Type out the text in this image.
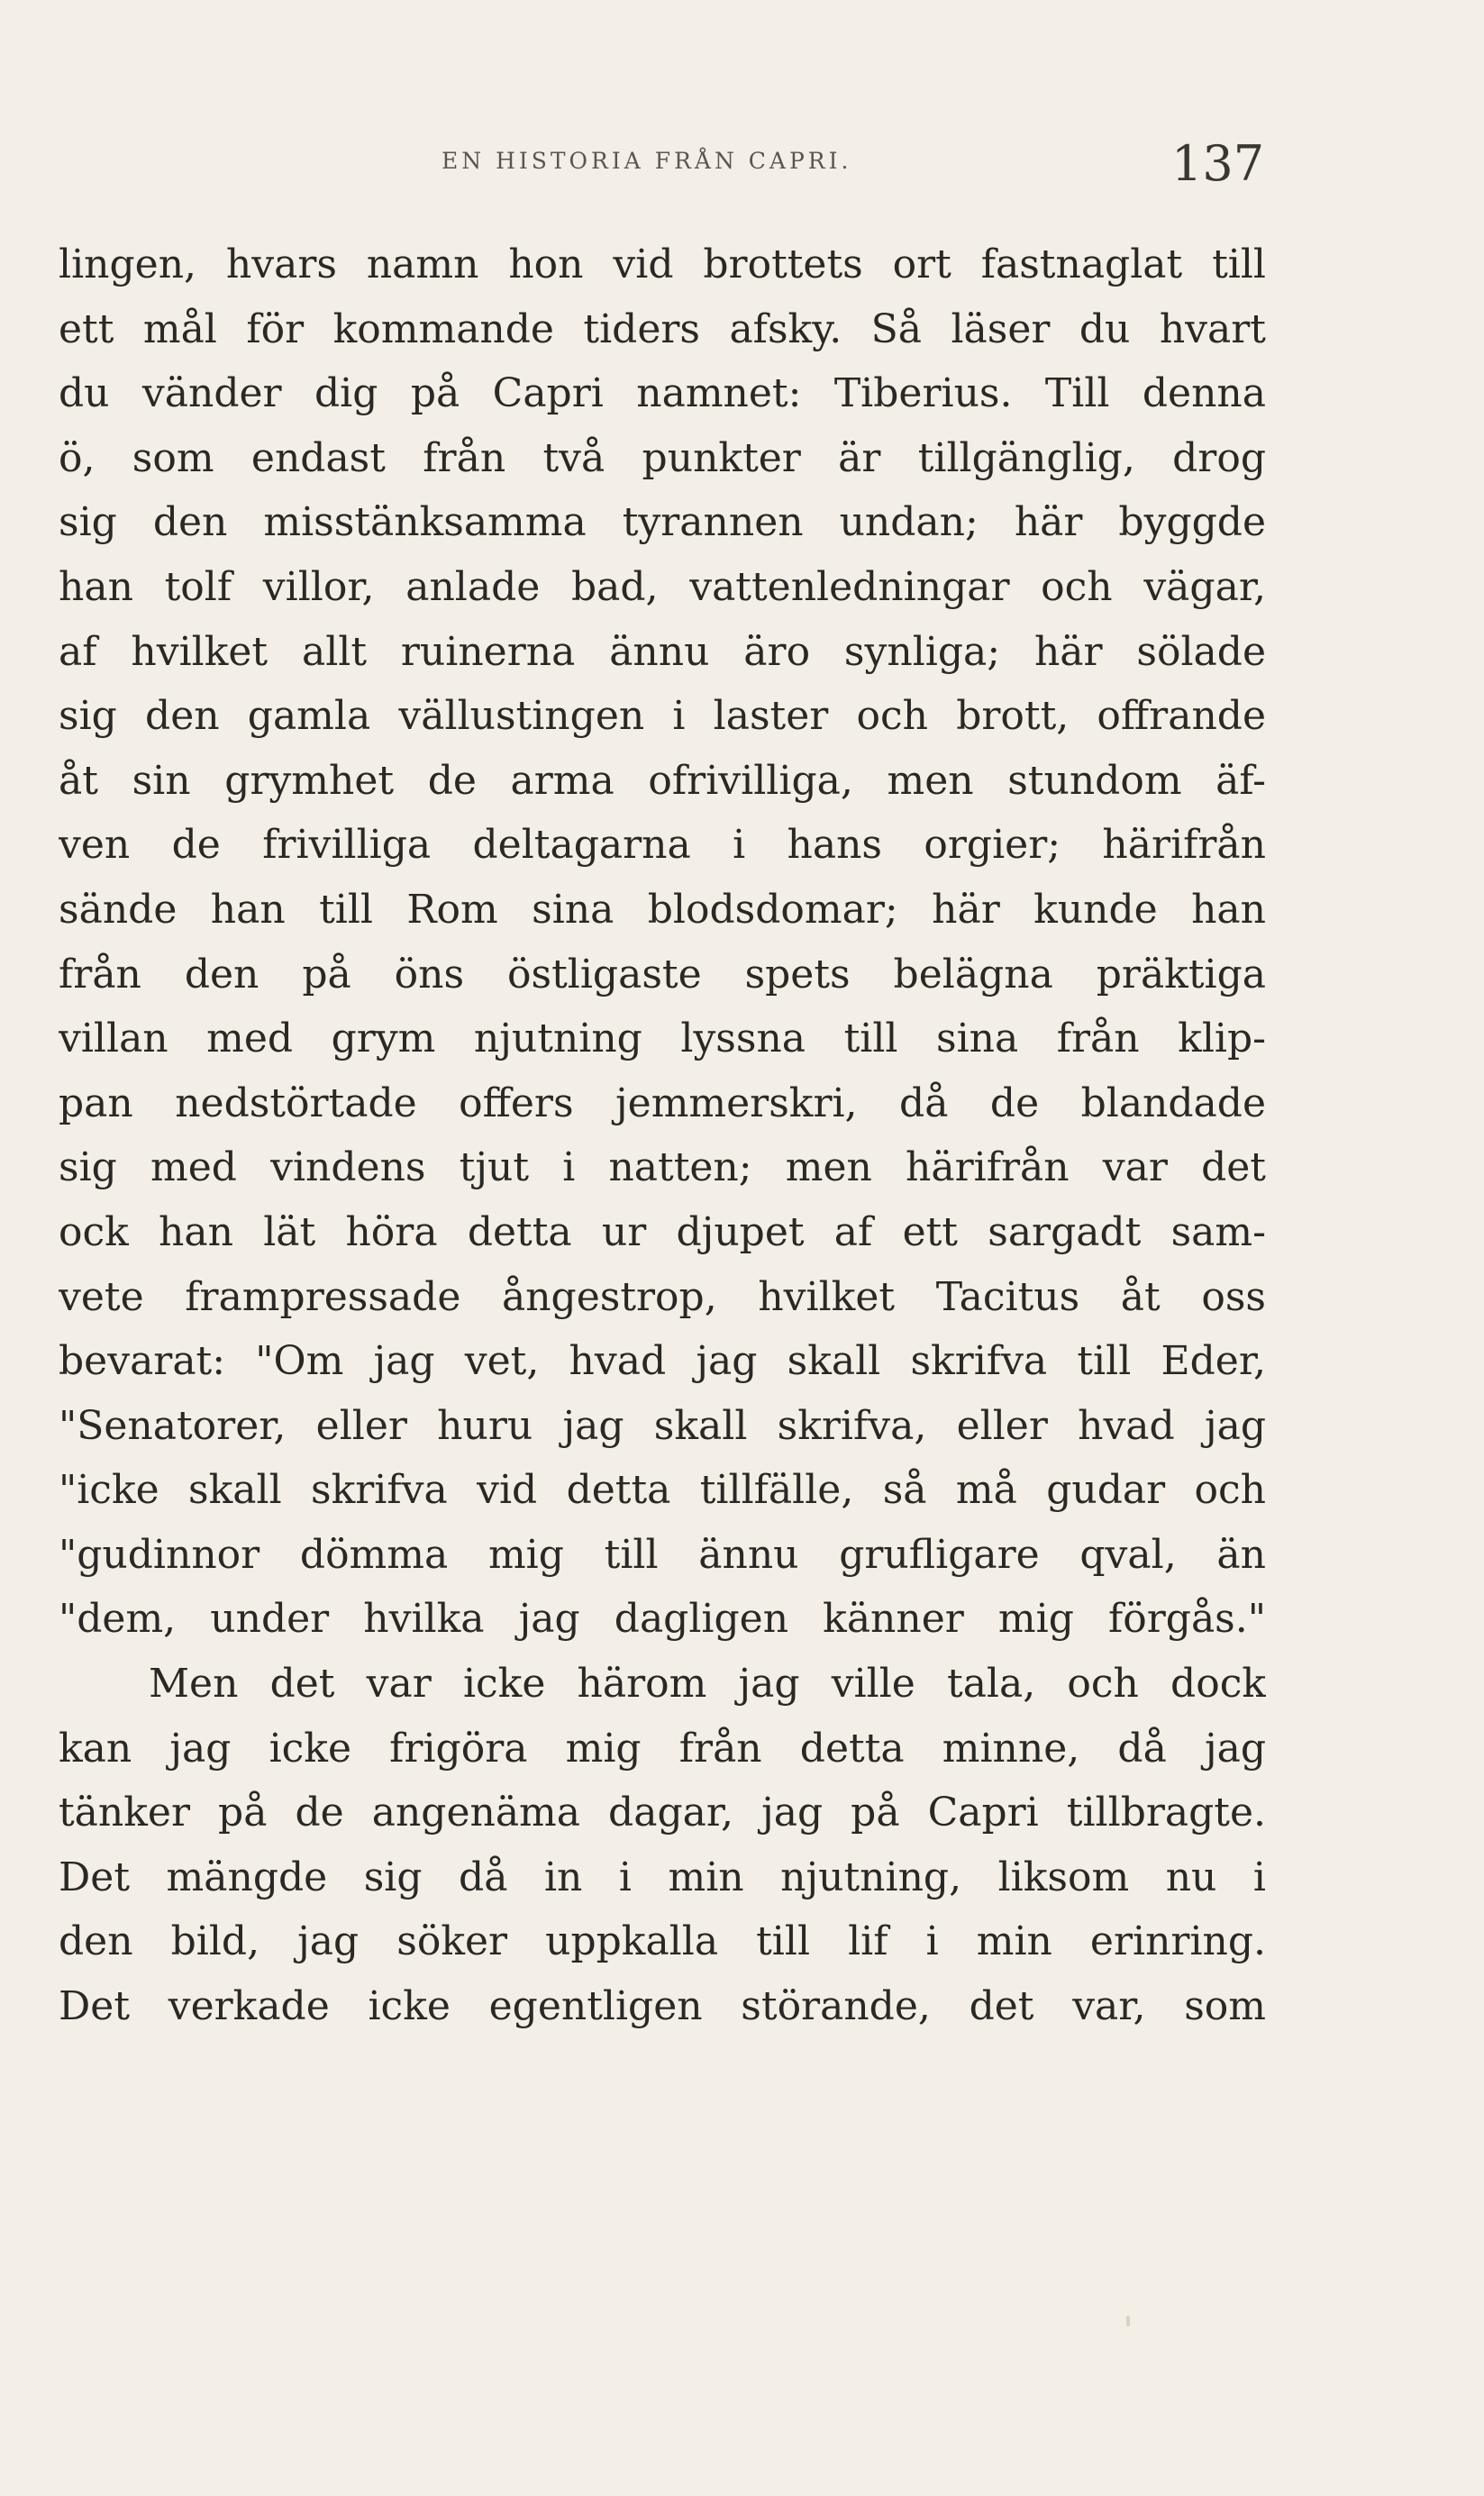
EN HISTORIA FRÅN CAPRI.	137
lingen, hvars namn hon vid brottets ort fastnaglat till
ett mål för kommande tiders afsky. Så läser du hvart
du vänder dig på Capri namnet: Tiberius. Till denna
ö, som endast från två punkter är tillgänglig, drog
sig den misstänksamma tyrannen undan; här byggde
han tolf villor, anlade bad, vattenledningar och vägar,
af hvilket allt ruinerna ännu äro synliga; här sölade
sig den gamla vällustingen i laster och brott, offrande
åt sin grymhet de arma ofrivilliga, men stundom äf-
ven de frivilliga deltagarna i hans orgier; härifrån
sände han till Rom sina blodsdomar; här kunde han
från den på öns östligaste spets belägna präktiga
villan med grym njutning lyssna till sina från klip-
pan nedstörtade offers jemmerskri, då de blandade
sig med vindens tjut i natten; men härifrån var det
ock han lät höra detta ur djupet af ett sargadt sam-
vete frampressade ångestrop, hvilket Tacitus åt oss
bevarat: "Om jag vet, hvad jag skall skrifva till Eder,
"Senatorer, eller huru jag skall skrifva, eller hvad jag
"icke skall skrifva vid detta tillfälle, så må gudar och
"gudinnor dömma mig till ännu grufligare qval, än
"dem, under hvilka jag dagligen känner mig förgås."
Men det var icke härom jag ville tala, och dock
kan jag icke frigöra mig från detta minne, då jag
tänker på de angenäma dagar, jag på Capri tillbragte.
Det mängde sig då in i min njutning, liksom nu i
den bild, jag söker uppkalla till lif i min erinring.
Det verkade icke egentligen störande, det var, som
